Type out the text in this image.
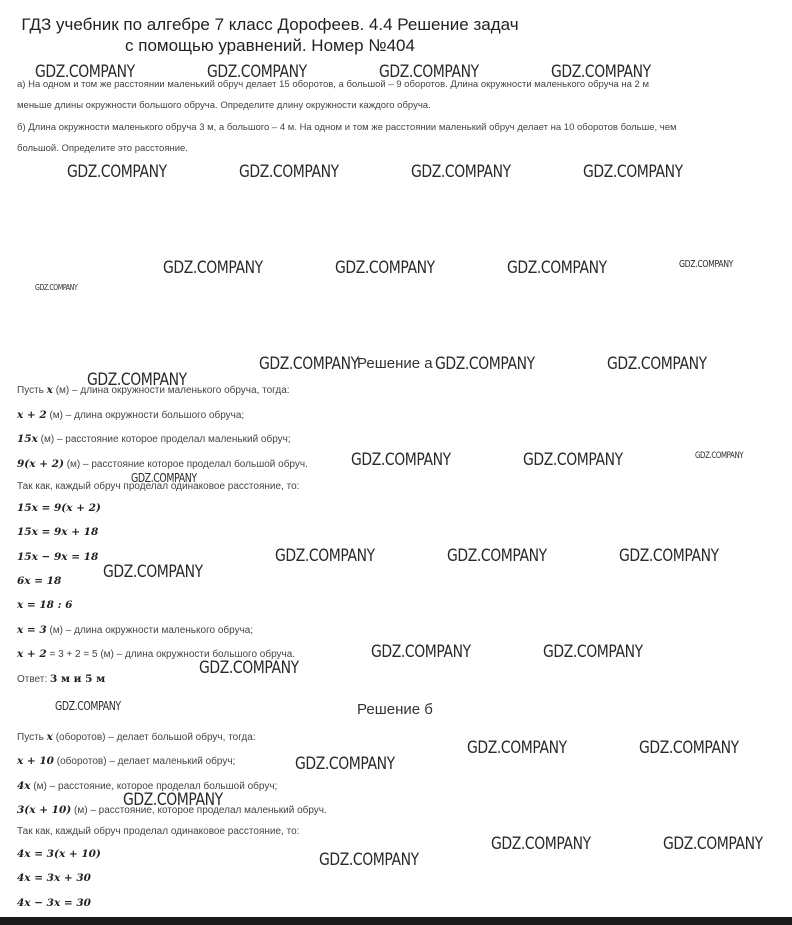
ГДЗ учебник по алгебре 7 класс Дорофеев. 4.4 Решение задач
с помощью уравнений. Номер №404
а) На одном и том же расстоянии маленький обруч делает 15 оборотов, а большой – 9 оборотов. Длина окружности маленького обруча на 2 м
меньше длины окружности большого обруча. Определите длину окружности каждого обруча.
б) Длина окружности маленького обруча 3 м, а большого – 4 м. На одном и том же расстоянии маленький обруч делает на 10 оборотов больше, чем
большой. Определите это расстояние.
Решение а
Пусть x (м) – длина окружности маленького обруча, тогда:
x + 2 (м) – длина окружности большого обруча;
15x (м) – расстояние которое проделал маленький обруч;
9(x + 2) (м) – расстояние которое проделал большой обруч.
Так как, каждый обруч проделал одинаковое расстояние, то:
15x = 9(x + 2)
15x = 9x + 18
15x − 9x = 18
6x = 18
x = 18 : 6
x = 3 (м) – длина окружности маленького обруча;
x + 2 = 3 + 2 = 5 (м) – длина окружности большого обруча.
Ответ: 3 м и 5 м
Решение б
Пусть x (оборотов) – делает большой обруч, тогда:
x + 10 (оборотов) – делает маленький обруч;
4x (м) – расстояние, которое проделал большой обруч;
3(x + 10) (м) – расстояние, которое проделал маленький обруч.
Так как, каждый обруч проделал одинаковое расстояние, то:
4x = 3(x + 10)
4x = 3x + 30
4x − 3x = 30
GDZ.COMPANY	GDZ.COMPANY	GDZ.COMPANY	GDZ.COMPANY
GDZ.COMPANY	GDZ.COMPANY	GDZ.COMPANY	GDZ.COMPANY
GDZ.COMPANY	GDZ.COMPANY	GDZ.COMPANY	GDZ.COMPANY
GDZ.COMPANY
GDZ.COMPANY	GDZ.COMPANY	GDZ.COMPANY
GDZ.COMPANY
GDZ.COMPANY	GDZ.COMPANY	GDZ.COMPANY
GDZ.COMPANY
GDZ.COMPANY	GDZ.COMPANY	GDZ.COMPANY
GDZ.COMPANY
GDZ.COMPANY	GDZ.COMPANY
GDZ.COMPANY
GDZ.COMPANY
GDZ.COMPANY	GDZ.COMPANY
GDZ.COMPANY
GDZ.COMPANY
GDZ.COMPANY	GDZ.COMPANY
GDZ.COMPANY
